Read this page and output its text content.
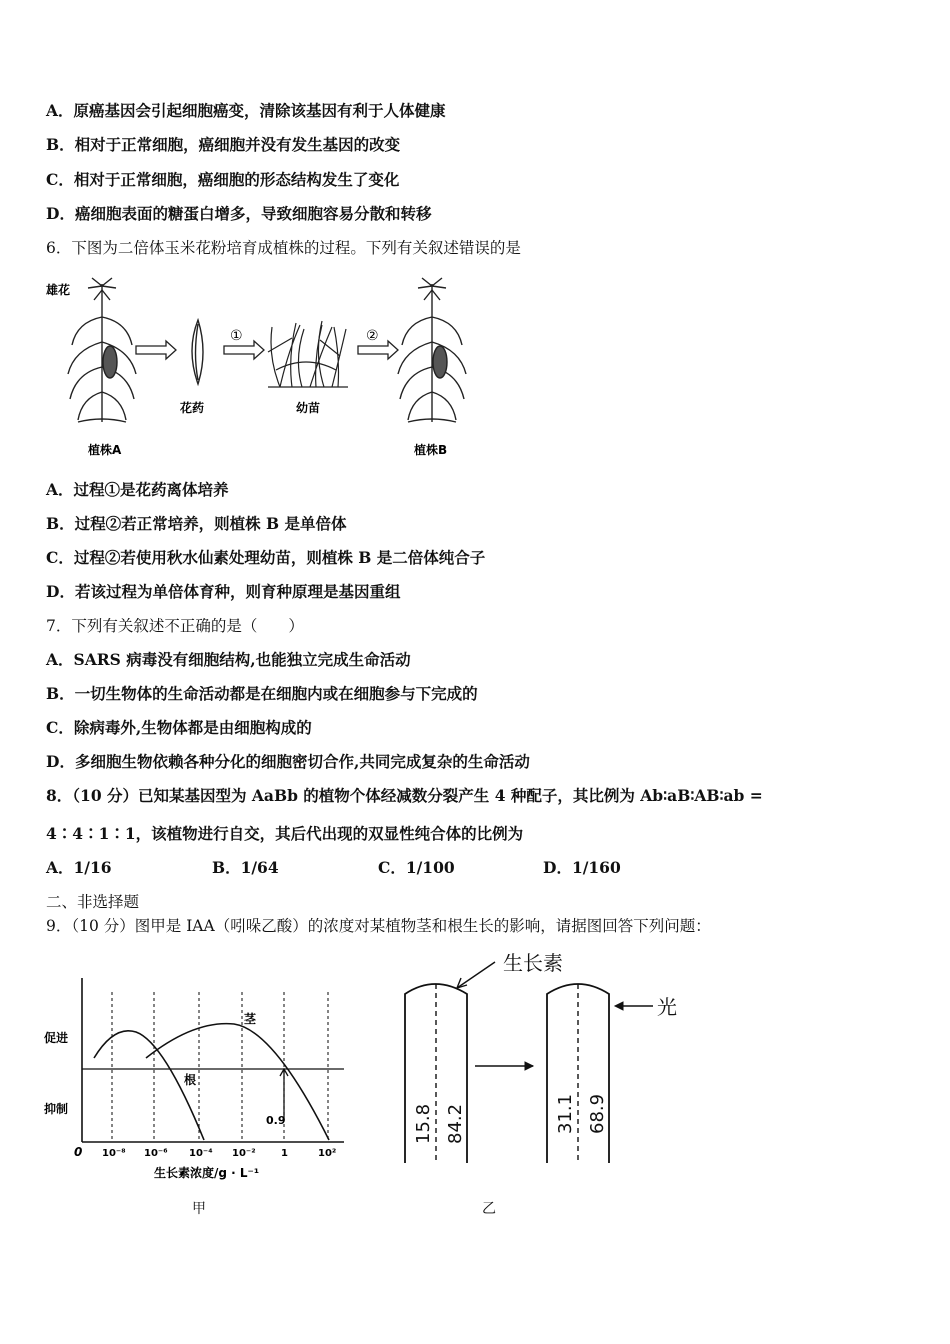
A．原癌基因会引起细胞癌变，清除该基因有利于人体健康
B．相对于正常细胞，癌细胞并没有发生基因的改变
C．相对于正常细胞，癌细胞的形态结构发生了变化
D．癌细胞表面的糖蛋白增多，导致细胞容易分散和转移
6．下图为二倍体玉米花粉培育成植株的过程。下列有关叙述错误的是
雄花
植株A
花药
①
幼苗
②
植株B
A．过程①是花药离体培养
B．过程②若正常培养，则植株 B 是单倍体
C．过程②若使用秋水仙素处理幼苗，则植株 B 是二倍体纯合子
D．若该过程为单倍体育种，则育种原理是基因重组
7．下列有关叙述不正确的是（　　）
A．SARS 病毒没有细胞结构,也能独立完成生命活动
B．一切生物体的生命活动都是在细胞内或在细胞参与下完成的
C．除病毒外,生物体都是由细胞构成的
D．多细胞生物依赖各种分化的细胞密切合作,共同完成复杂的生命活动
8．（10 分）已知某基因型为 AaBb 的植物个体经减数分裂产生 4 种配子，其比例为 Ab∶aB∶AB∶ab =
4∶4∶1∶1，该植物进行自交，其后代出现的双显性纯合体的比例为
A．1/16	B．1/64	C．1/100	D．1/160
二、非选择题
9．（10 分）图甲是 IAA（吲哚乙酸）的浓度对某植物茎和根生长的影响，请据图回答下列问题：
0.9
促进
抑制
茎
根
0 10⁻⁸ 10⁻⁶ 10⁻⁴ 10⁻²	1	10²
生长素浓度/g · L⁻¹
甲
生长素
光
15.8 84.2	31.1 68.9
乙
